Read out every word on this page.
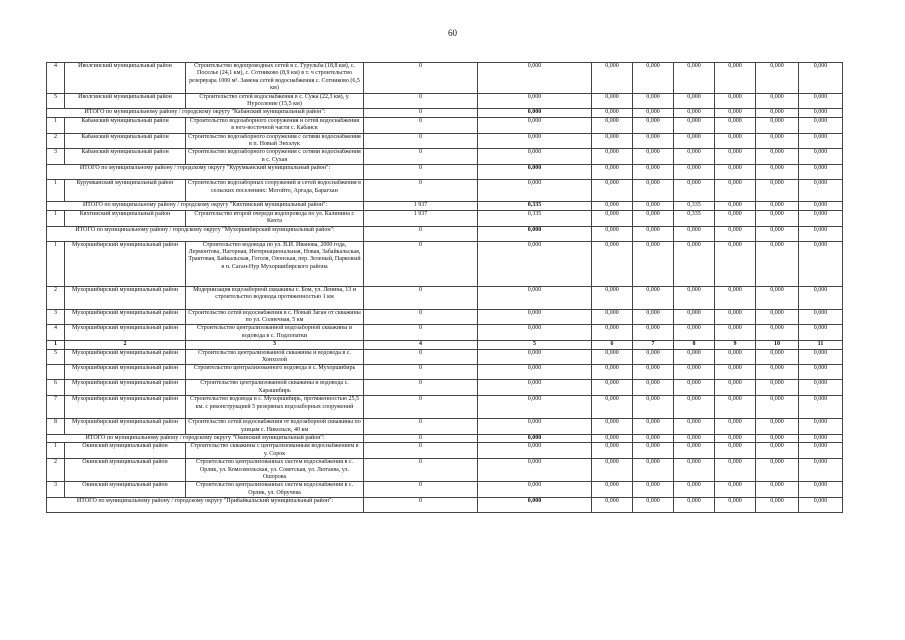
60
4	Иволгинский муниципальный район	Строительство водопроводных сетей в с. Гурульба (18,8 км), с. Поселье (24,1 км), с. Сотниково (8,9 км) в т. ч строительство резервуара 1000 м³. Замена сетей водоснабжения с. Сотниково (6,5 км)	0	0,000	0,000	0,000	0,000	0,000	0,000	0,000
5	Иволгинский муниципальный район	Строительство сетей водоснабжения в с. Сужа (22,3 км), у. Нурселение (15,5 км)	0	0,000	0,000	0,000	0,000	0,000	0,000	0,000
ИТОГО по муниципальному району / городскому округу "Кабанский муниципальный район":			0	0,000	0,000	0,000	0,000	0,000	0,000	0,000
1	Кабанский муниципальный район	Строительство водозаборного сооружения и сетей водоснабжения в юго-восточной части с. Кабанск	0	0,000	0,000	0,000	0,000	0,000	0,000	0,000
2	Кабанский муниципальный район	Строительство водозаборного сооружения с сетями водоснабжения в п. Новый Энхэлук	0	0,000	0,000	0,000	0,000	0,000	0,000	0,000
3	Кабанский муниципальный район	Строительство водозаборного сооружения с сетями водоснабжения в с. Сухая	0	0,000	0,000	0,000	0,000	0,000	0,000	0,000
ИТОГО по муниципальному району / городскому округу "Курумканский муниципальный район":			0	0,000	0,000	0,000	0,000	0,000	0,000	0,000
1	Курумканский муниципальный район	Строительство водозаборных сооружений и сетей водоснабжения в сельских поселениях: Могойто, Аргада, Барагхан	0	0,000	0,000	0,000	0,000	0,000	0,000	0,000
ИТОГО по муниципальному району / городскому округу "Кяхтинский муниципальный район":			1 937	0,335	0,000	0,000	0,335	0,000	0,000	0,000
1	Кяхтинский муниципальный район	Строительство второй очереди водопровода по ул. Калинина г. Кяхта	1 937	0,335	0,000	0,000	0,335	0,000	0,000	0,000
ИТОГО по муниципальному району / городскому округу "Мухоршибирский муниципальный район":			0	0,000	0,000	0,000	0,000	0,000	0,000	0,000
1	Мухоршибирский муниципальный район	Строительство водовода по ул. В.И. Иванова, 2000 года, Лермонтова, Нагорная, Интернациональная, Новая, Забайкальская, Трактовая, Байкальская, Гоголя, Озонская, пер. Зеленый, Парковый в п. Саган-Нур Мухоршибирского района	0	0,000	0,000	0,000	0,000	0,000	0,000	0,000
2	Мухоршибирский муниципальный район	Модернизация водозаборной скважины с. Бом, ул. Ленина, 13 и строительство водовода протяженностью 1 км	0	0,000	0,000	0,000	0,000	0,000	0,000	0,000
3	Мухоршибирский муниципальный район	Строительство сетей водоснабжения в с. Новый Заган от скважины по ул. Солнечная, 5 км	0	0,000	0,000	0,000	0,000	0,000	0,000	0,000
4	Мухоршибирский муниципальный район	Строительство централизованной водозаборной скважины и водовода в с. Подлопатки	0	0,000	0,000	0,000	0,000	0,000	0,000	0,000
1	2	3	4	5	6	7	8	9	10	11
5	Мухоршибирский муниципальный район	Строительство централизованной скважины и водовода в с. Хонхолой	0	0,000	0,000	0,000	0,000	0,000	0,000	0,000
	Мухоршибирский муниципальный район	Строительство централизованного водовода в с. Мухоршибирь	0	0,000	0,000	0,000	0,000	0,000	0,000	0,000
6	Мухоршибирский муниципальный район	Строительство централизованной скважины и водовода с. Харашибирь	0	0,000	0,000	0,000	0,000	0,000	0,000	0,000
7	Мухоршибирский муниципальный район	Строительство водовода в с. Мухоршибирь, протяженностью 25,5 км. с реконструкцией 5 резервных водозаборных сооружений	0	0,000	0,000	0,000	0,000	0,000	0,000	0,000
8	Мухоршибирский муниципальный район	Строительство сетей водоснабжения от водозаборной скважины по улицам с. Никольск, 40 км	0	0,000	0,000	0,000	0,000	0,000	0,000	0,000
ИТОГО по муниципальному району / городскому округу "Окинский муниципальный район":			0	0,000	0,000	0,000	0,000	0,000	0,000	0,000
1	Окинский муниципальный район	Строительство скважины с централизованным водоснабжением в у. Сорок	0	0,000	0,000	0,000	0,000	0,000	0,000	0,000
2	Окинский муниципальный район	Строительство централизованных систем водоснабжения в с. Орлик, ул. Комсомольская, ул. Советская, ул. Лютаева, ул. Ошорова	0	0,000	0,000	0,000	0,000	0,000	0,000	0,000
3	Окинский муниципальный район	Строительство централизованных систем водоснабжения в с. Орлик, ул. Обручева	0	0,000	0,000	0,000	0,000	0,000	0,000	0,000
ИТОГО по муниципальному району / городскому округу "Прибайкальский муниципальный район":			0	0,000	0,000	0,000	0,000	0,000	0,000	0,000
